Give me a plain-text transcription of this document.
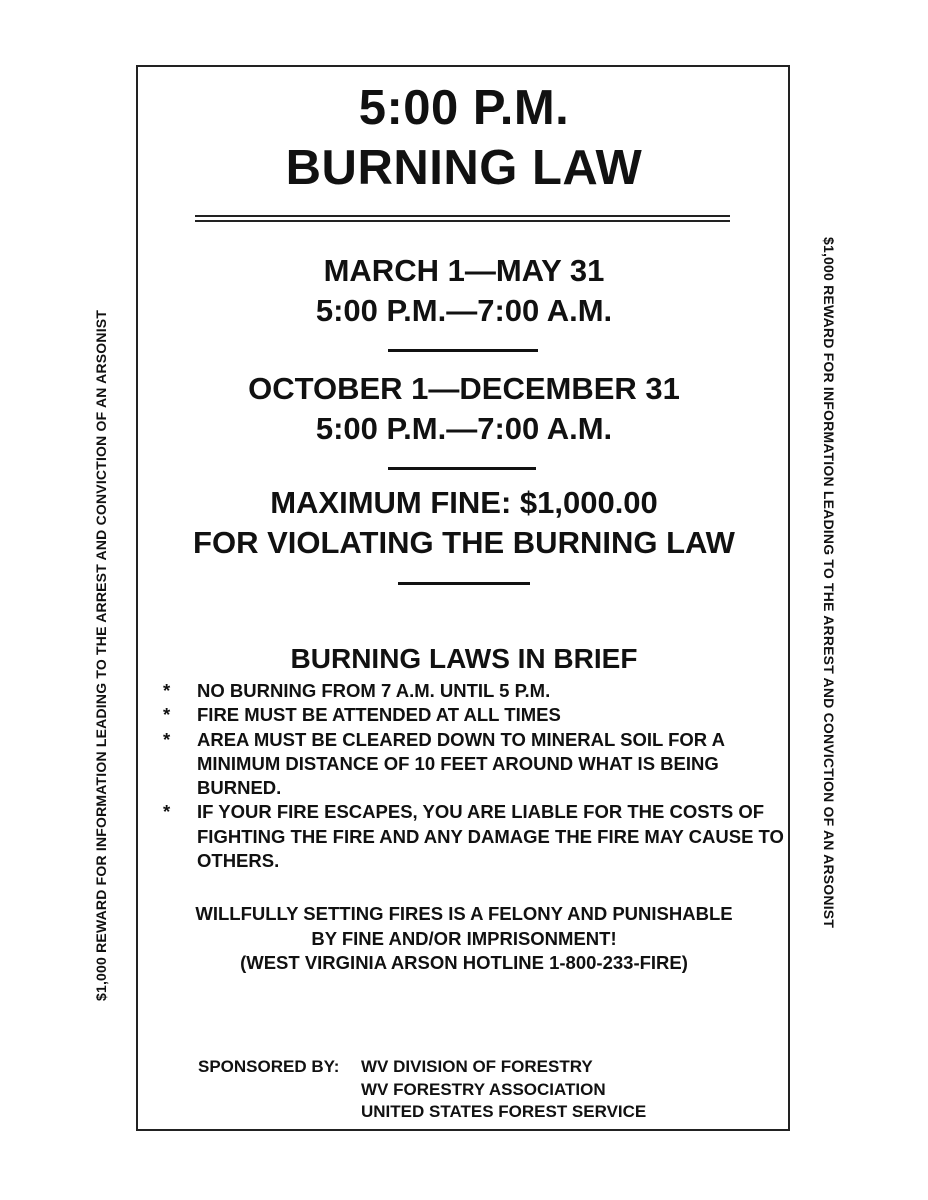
$1,000 REWARD FOR INFORMATION LEADING TO THE ARREST AND CONVICTION OF AN ARSONIST	$1,000 REWARD FOR INFORMATION LEADING TO THE ARREST AND CONVICTION OF AN ARSONIST
5:00 P.M.
BURNING LAW
MARCH 1—MAY 31
5:00 P.M.—7:00 A.M.
OCTOBER 1—DECEMBER 31
5:00 P.M.—7:00 A.M.
MAXIMUM FINE: $1,000.00
FOR VIOLATING THE BURNING LAW
BURNING LAWS IN BRIEF
*	NO BURNING FROM 7 A.M. UNTIL 5 P.M.
*	FIRE MUST BE ATTENDED AT ALL TIMES
*	AREA MUST BE CLEARED DOWN TO MINERAL SOIL FOR A MINIMUM DISTANCE OF 10 FEET AROUND WHAT IS BEING BURNED.
*	IF YOUR FIRE ESCAPES, YOU ARE LIABLE FOR THE COSTS OF FIGHTING THE FIRE AND ANY DAMAGE THE FIRE MAY CAUSE TO OTHERS.
WILLFULLY SETTING FIRES IS A FELONY AND PUNISHABLE
BY FINE AND/OR IMPRISONMENT!
(WEST VIRGINIA ARSON HOTLINE 1-800-233-FIRE)
SPONSORED BY:	WV DIVISION OF FORESTRY
WV FORESTRY ASSOCIATION
UNITED STATES FOREST SERVICE
